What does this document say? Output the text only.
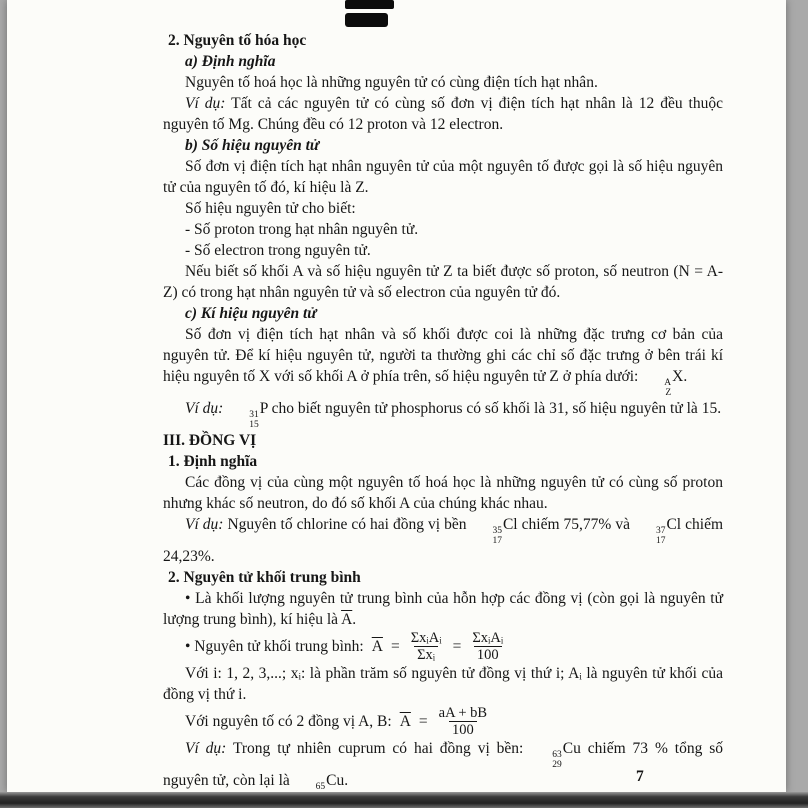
2. Nguyên tố hóa học

a) Định nghĩa

Nguyên tố hoá học là những nguyên tử có cùng điện tích hạt nhân.

Ví dụ: Tất cả các nguyên tử có cùng số đơn vị điện tích hạt nhân là 12 đều thuộc nguyên tố Mg. Chúng đều có 12 proton và 12 electron.

b) Số hiệu nguyên tử

Số đơn vị điện tích hạt nhân nguyên tử của một nguyên tố được gọi là số hiệu nguyên tử của nguyên tố đó, kí hiệu là Z.

Số hiệu nguyên tử cho biết:

- Số proton trong hạt nhân nguyên tử.

- Số electron trong nguyên tử.

Nếu biết số khối A và số hiệu nguyên tử Z ta biết được số proton, số neutron (N = A- Z) có trong hạt nhân nguyên tử và số electron của nguyên tử đó.

c) Kí hiệu nguyên tử

Số đơn vị điện tích hạt nhân và số khối được coi là những đặc trưng cơ bản của nguyên tử. Để kí hiệu nguyên tử, người ta thường ghi các chỉ số đặc trưng ở bên trái kí hiệu nguyên tố X với số khối A ở phía trên, số hiệu nguyên tử Z ở phía dưới:	A
Z
X.

Ví dụ:	31
15
P cho biết nguyên tử phosphorus có số khối là 31, số hiệu nguyên tử là 15.

III. ĐỒNG VỊ

1. Định nghĩa

Các đồng vị của cùng một nguyên tố hoá học là những nguyên tử có cùng số proton nhưng khác số neutron, do đó số khối A của chúng khác nhau.

Ví dụ: Nguyên tố chlorine có hai đồng vị bền	35
17
Cl chiếm 75,77% và	37
17
Cl chiếm 24,23%.

2. Nguyên tử khối trung bình

• Là khối lượng nguyên tử trung bình của hỗn hợp các đồng vị (còn gọi là nguyên tử lượng trung bình), kí hiệu là $\overline{A}$.

• Nguyên tử khối trung bình: $\overline{A} = \frac{\text{ΣxᵢAᵢ}}{\text{Σxᵢ}} = \frac{\text{ΣxᵢAᵢ}}{100}$

Với i: 1, 2, 3,...; xᵢ: là phần trăm số nguyên tử đồng vị thứ i; Aᵢ là nguyên tử khối của đồng vị thứ i.

Với nguyên tố có 2 đồng vị A, B: $\overline{A} = \frac{aA + bB}{100}$

Ví dụ: Trong tự nhiên cuprum có hai đồng vị bền:	63
29
Cu chiếm 73 % tổng số nguyên tử, còn lại là	65 Cu.	7
